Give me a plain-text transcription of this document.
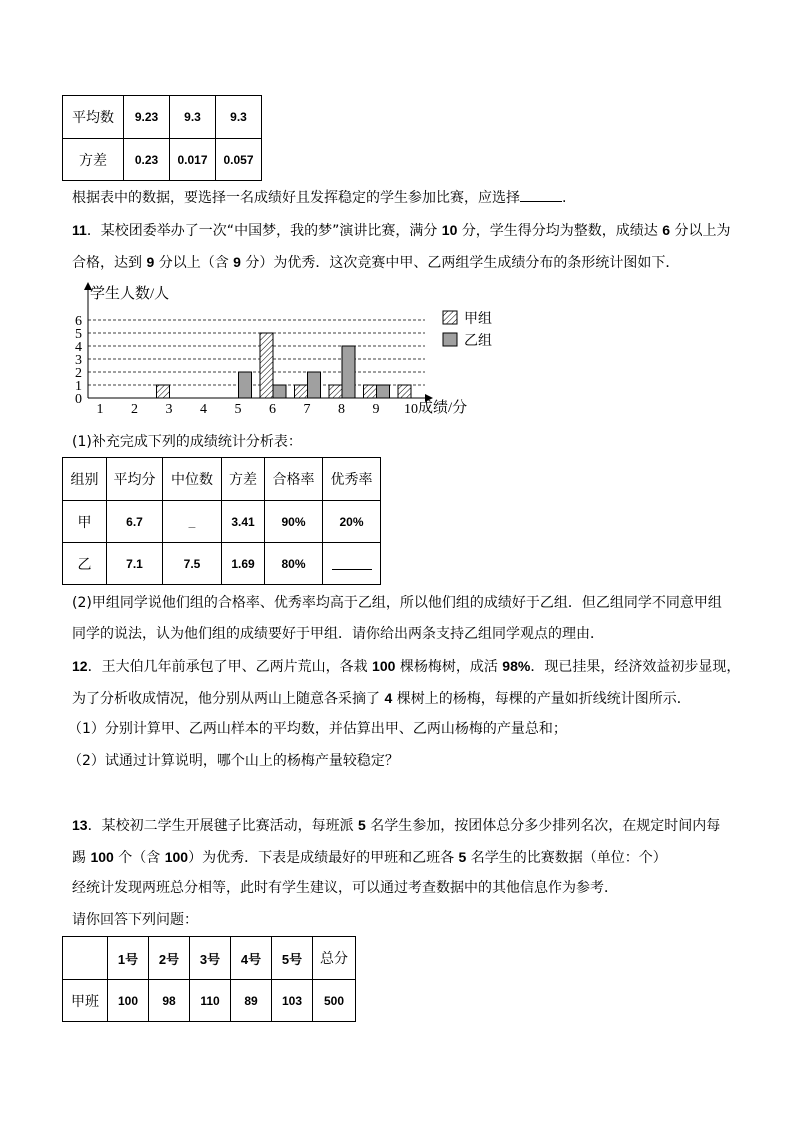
平均数	9.23	9.3	9.3
方差	0.23	0.017	0.057
根据表中的数据，要选择一名成绩好且发挥稳定的学生参加比赛，应选择	.
11．某校团委举办了一次“中国梦，我的梦”演讲比赛，满分 10 分，学生得分均为整数，成绩达 6 分以上为
合格，达到 9 分以上（含 9 分）为优秀．这次竞赛中甲、乙两组学生成绩分布的条形统计图如下．
0
1
2
3
4
5
6
1 2 3 4 5 6 7 8 9 10
学生人数/人
成绩/分
甲组
乙组
(1)补充完成下列的成绩统计分析表：
组别	平均分	中位数	方差	合格率	优秀率
甲	6.7	_	3.41	90%	20%
乙	7.1	7.5	1.69	80%	
(2)甲组同学说他们组的合格率、优秀率均高于乙组，所以他们组的成绩好于乙组．但乙组同学不同意甲组
同学的说法，认为他们组的成绩要好于甲组．请你给出两条支持乙组同学观点的理由．
12．王大伯几年前承包了甲、乙两片荒山，各栽 100 棵杨梅树，成活 98%．现已挂果，经济效益初步显现，
为了分析收成情况，他分别从两山上随意各采摘了 4 棵树上的杨梅，每棵的产量如折线统计图所示．
（1）分别计算甲、乙两山样本的平均数，并估算出甲、乙两山杨梅的产量总和；
（2）试通过计算说明，哪个山上的杨梅产量较稳定？
13．某校初二学生开展毽子比赛活动，每班派 5 名学生参加，按团体总分多少排列名次，在规定时间内每
踢 100 个（含 100）为优秀．下表是成绩最好的甲班和乙班各 5 名学生的比赛数据（单位：个）
经统计发现两班总分相等，此时有学生建议，可以通过考查数据中的其他信息作为参考．
请你回答下列问题：
	1号	2号	3号	4号	5号	总分
甲班	100	98	110	89	103	500
